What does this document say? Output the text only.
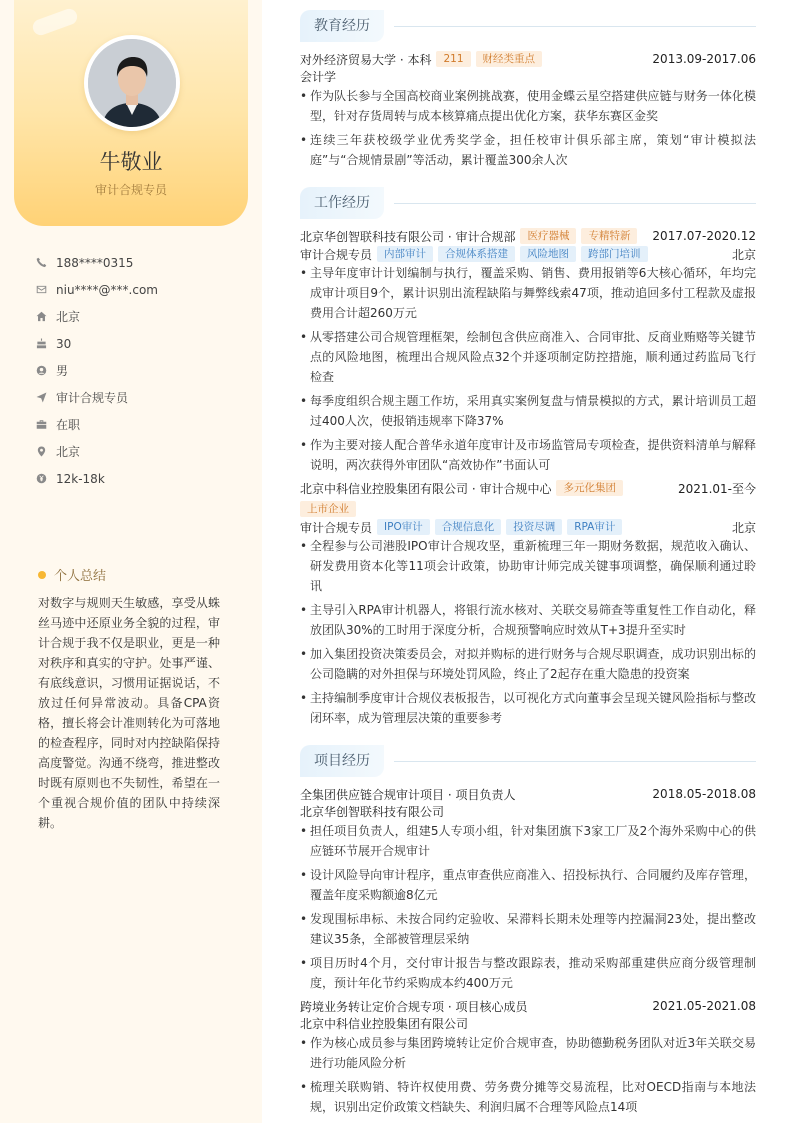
牛敬业
审计合规专员
188****0315
niu****@***.com
北京
30
男
审计合规专员
在职
北京
12k-18k
个人总结
对数字与规则天生敏感，享受从蛛丝马迹中还原业务全貌的过程，审计合规于我不仅是职业，更是一种对秩序和真实的守护。处事严谨、有底线意识，习惯用证据说话，不放过任何异常波动。具备CPA资格，擅长将会计准则转化为可落地的检查程序，同时对内控缺陷保持高度警觉。沟通不绕弯，推进整改时既有原则也不失韧性，希望在一个重视合规价值的团队中持续深耕。
教育经历
对外经济贸易大学 · 本科	211	财经类重点	2013.09-2017.06
会计学
• 作为队长参与全国高校商业案例挑战赛，使用金蝶云星空搭建供应链与财务一体化模型，针对存货周转与成本核算痛点提出优化方案，获华东赛区金奖
• 连续三年获校级学业优秀奖学金，担任校审计俱乐部主席，策划“审计模拟法庭”与“合规情景剧”等活动，累计覆盖300余人次
工作经历
北京华创智联科技有限公司 · 审计合规部	医疗器械	专精特新	2017.07-2020.12
审计合规专员	内部审计	合规体系搭建	风险地图	跨部门培训	北京
• 主导年度审计计划编制与执行，覆盖采购、销售、费用报销等6大核心循环，年均完成审计项目9个，累计识别出流程缺陷与舞弊线索47项，推动追回多付工程款及虚报费用合计超260万元
• 从零搭建公司合规管理框架，绘制包含供应商准入、合同审批、反商业贿赂等关键节点的风险地图，梳理出合规风险点32个并逐项制定防控措施，顺利通过药监局飞行检查
• 每季度组织合规主题工作坊，采用真实案例复盘与情景模拟的方式，累计培训员工超过400人次，使报销违规率下降37%
• 作为主要对接人配合普华永道年度审计及市场监管局专项检查，提供资料清单与解释说明，两次获得外审团队“高效协作”书面认可
北京中科信业控股集团有限公司 · 审计合规中心	多元化集团	2021.01-至今
上市企业
审计合规专员	IPO审计	合规信息化	投资尽调	RPA审计	北京
• 全程参与公司港股IPO审计合规攻坚，重新梳理三年一期财务数据，规范收入确认、研发费用资本化等11项会计政策，协助审计师完成关键事项调整，确保顺利通过聆讯
• 主导引入RPA审计机器人，将银行流水核对、关联交易筛查等重复性工作自动化，释放团队30%的工时用于深度分析，合规预警响应时效从T+3提升至实时
• 加入集团投资决策委员会，对拟并购标的进行财务与合规尽职调查，成功识别出标的公司隐瞒的对外担保与环境处罚风险，终止了2起存在重大隐患的投资案
• 主持编制季度审计合规仪表板报告，以可视化方式向董事会呈现关键风险指标与整改闭环率，成为管理层决策的重要参考
项目经历
全集团供应链合规审计项目 · 项目负责人	2018.05-2018.08
北京华创智联科技有限公司
• 担任项目负责人，组建5人专项小组，针对集团旗下3家工厂及2个海外采购中心的供应链环节展开合规审计
• 设计风险导向审计程序，重点审查供应商准入、招投标执行、合同履约及库存管理，覆盖年度采购额逾8亿元
• 发现围标串标、未按合同约定验收、呆滞料长期未处理等内控漏洞23处，提出整改建议35条，全部被管理层采纳
• 项目历时4个月，交付审计报告与整改跟踪表，推动采购部重建供应商分级管理制度，预计年化节约采购成本约400万元
跨境业务转让定价合规专项 · 项目核心成员	2021.05-2021.08
北京中科信业控股集团有限公司
• 作为核心成员参与集团跨境转让定价合规审查，协助德勤税务团队对近3年关联交易进行功能风险分析
• 梳理关联购销、特许权使用费、劳务费分摊等交易流程，比对OECD指南与本地法规，识别出定价政策文档缺失、利润归属不合理等风险点14项
